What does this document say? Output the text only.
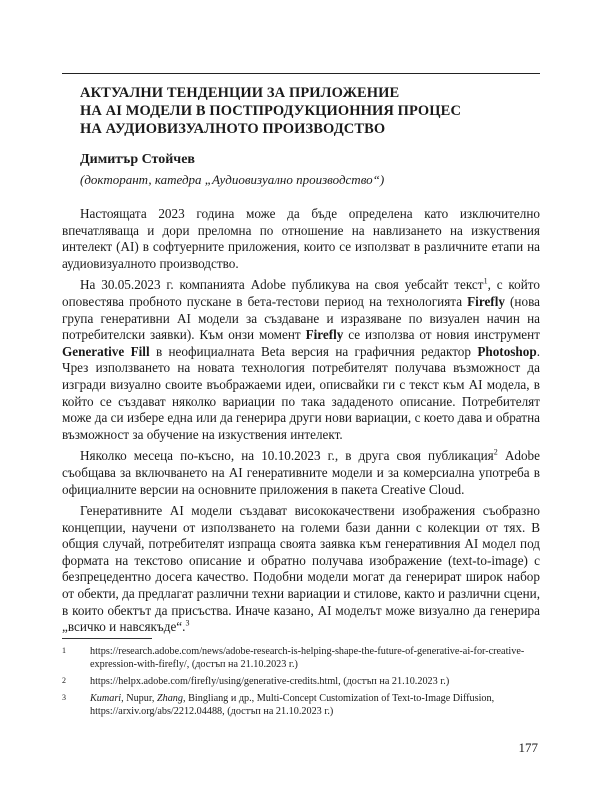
АКТУАЛНИ ТЕНДЕНЦИИ ЗА ПРИЛОЖЕНИЕ
НА AI МОДЕЛИ В ПОСТПРОДУКЦИОННИЯ ПРОЦЕС
НА АУДИОВИЗУАЛНОТО ПРОИЗВОДСТВО
Димитър Стойчев
(докторант, катедра „Аудиовизуално производство“)

Настоящата 2023 година може да бъде определена като изключително впечатляваща и дори преломна по отношение на навлизането на изкуствения интелект (AI) в софтуерните приложения, които се използват в различните етапи на аудиовизуалното производство.

На 30.05.2023 г. компанията Adobe публикува на своя уебсайт текст$^1$, с който оповестява пробното пускане в бета-тестови период на технологията Firefly (нова група генеративни AI модели за създаване и изразяване по визуален начин на потребителски заявки). Към онзи момент Firefly се използва от новия инструмент Generative Fill в неофициалната Beta версия на графичния редактор Photoshop. Чрез използването на новата технология потребителят получава възможност да изгради визуално своите въображаеми идеи, описвайки ги с текст към AI модела, в който се създават няколко вариации по така зададеното описание. Потребителят може да си избере една или да генерира други нови вариации, с което дава и обратна възможност за обучение на изкуствения интелект.

Няколко месеца по-късно, на 10.10.2023 г., в друга своя публикация$^2$ Adobe съобщава за включването на AI генеративните модели и за комерсиална употреба в официалните версии на основните приложения в пакета Creative Cloud.

Генеративните AI модели създават висококачествени изображения съобразно концепции, научени от използването на големи бази данни с колекции от тях. В общия случай, потребителят изпраща своята заявка към генеративния AI модел под формата на текстово описание и обратно получава изображение (text-to-image) с безпрецедентно досега качество. Подобни модели могат да генерират широк набор от обекти, да предлагат различни техни вариации и стилове, както и различни сцени, в които обектът да присъства. Иначе казано, AI моделът може визуално да генерира „всичко и навсякъде“.$^3$

1	https://research.adobe.com/news/adobe-research-is-helping-shape-the-future-of-generative-ai-for-creative-expression-with-firefly/, (достъп на 21.10.2023 г.)
2	https://helpx.adobe.com/firefly/using/generative-credits.html, (достъп на 21.10.2023 г.)
3	Kumari, Nupur, Zhang, Bingliang и др., Multi-Concept Customization of Text-to-Image Diffusion, https://arxiv.org/abs/2212.04488, (достъп на 21.10.2023 г.)
177
